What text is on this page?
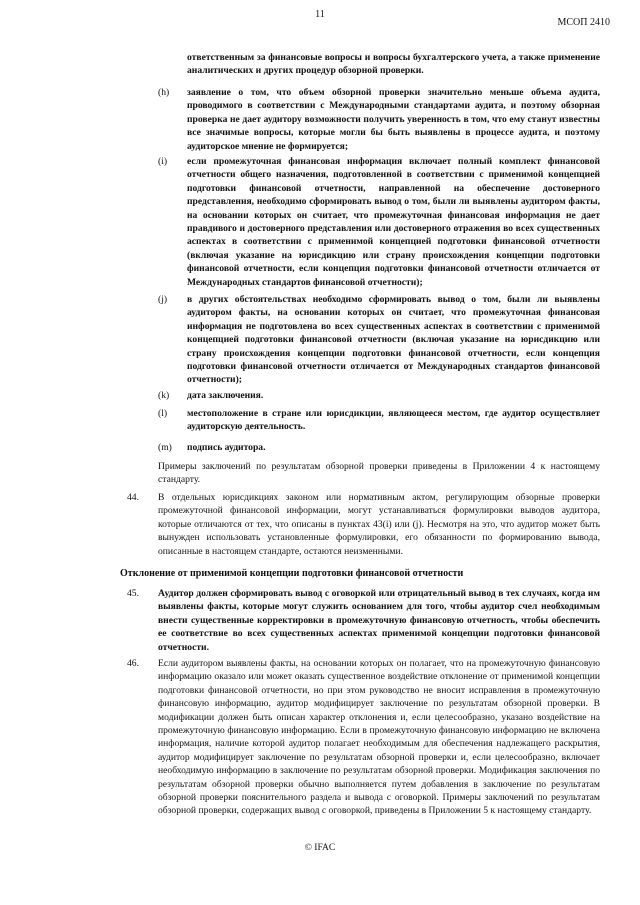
11
МСОП 2410
ответственным за финансовые вопросы и вопросы бухгалтерского учета, а также применение аналитических и других процедур обзорной проверки.
(h) заявление о том, что объем обзорной проверки значительно меньше объема аудита, проводимого в соответствии с Международными стандартами аудита, и поэтому обзорная проверка не дает аудитору возможности получить уверенность в том, что ему станут известны все значимые вопросы, которые могли бы быть выявлены в процессе аудита, и поэтому аудиторское мнение не формируется;
(i) если промежуточная финансовая информация включает полный комплект финансовой отчетности общего назначения, подготовленной в соответствии с применимой концепцией подготовки финансовой отчетности, направленной на обеспечение достоверного представления, необходимо сформировать вывод о том, были ли выявлены аудитором факты, на основании которых он считает, что промежуточная финансовая информация не дает правдивого и достоверного представления или достоверного отражения во всех существенных аспектах в соответствии с применимой концепцией подготовки финансовой отчетности (включая указание на юрисдикцию или страну происхождения концепции подготовки финансовой отчетности, если концепция подготовки финансовой отчетности отличается от Международных стандартов финансовой отчетности);
(j) в других обстоятельствах необходимо сформировать вывод о том, были ли выявлены аудитором факты, на основании которых он считает, что промежуточная финансовая информация не подготовлена во всех существенных аспектах в соответствии с применимой концепцией подготовки финансовой отчетности (включая указание на юрисдикцию или страну происхождения концепции подготовки финансовой отчетности, если концепция подготовки финансовой отчетности отличается от Международных стандартов финансовой отчетности);
(k) дата заключения.
(l) местоположение в стране или юрисдикции, являющееся местом, где аудитор осуществляет аудиторскую деятельность.
(m) подпись аудитора.
Примеры заключений по результатам обзорной проверки приведены в Приложении 4 к настоящему стандарту.
44. В отдельных юрисдикциях законом или нормативным актом, регулирующим обзорные проверки промежуточной финансовой информации, могут устанавливаться формулировки выводов аудитора, которые отличаются от тех, что описаны в пунктах 43(i) или (j). Несмотря на это, что аудитор может быть вынужден использовать установленные формулировки, его обязанности по формированию вывода, описанные в настоящем стандарте, остаются неизменными.
Отклонение от применимой концепции подготовки финансовой отчетности
45. Аудитор должен сформировать вывод с оговоркой или отрицательный вывод в тех случаях, когда им выявлены факты, которые могут служить основанием для того, чтобы аудитор счел необходимым внести существенные корректировки в промежуточную финансовую отчетность, чтобы обеспечить ее соответствие во всех существенных аспектах применимой концепции подготовки финансовой отчетности.
46. Если аудитором выявлены факты, на основании которых он полагает, что на промежуточную финансовую информацию оказало или может оказать существенное воздействие отклонение от применимой концепции подготовки финансовой отчетности, но при этом руководство не вносит исправления в промежуточную финансовую информацию, аудитор модифицирует заключение по результатам обзорной проверки. В модификации должен быть описан характер отклонения и, если целесообразно, указано воздействие на промежуточную финансовую информацию. Если в промежуточную финансовую информацию не включена информация, наличие которой аудитор полагает необходимым для обеспечения надлежащего раскрытия, аудитор модифицирует заключение по результатам обзорной проверки и, если целесообразно, включает необходимую информацию в заключение по результатам обзорной проверки. Модификация заключения по результатам обзорной проверки обычно выполняется путем добавления в заключение по результатам обзорной проверки пояснительного раздела и вывода с оговоркой. Примеры заключений по результатам обзорной проверки, содержащих вывод с оговоркой, приведены в Приложении 5 к настоящему стандарту.
© IFAC
